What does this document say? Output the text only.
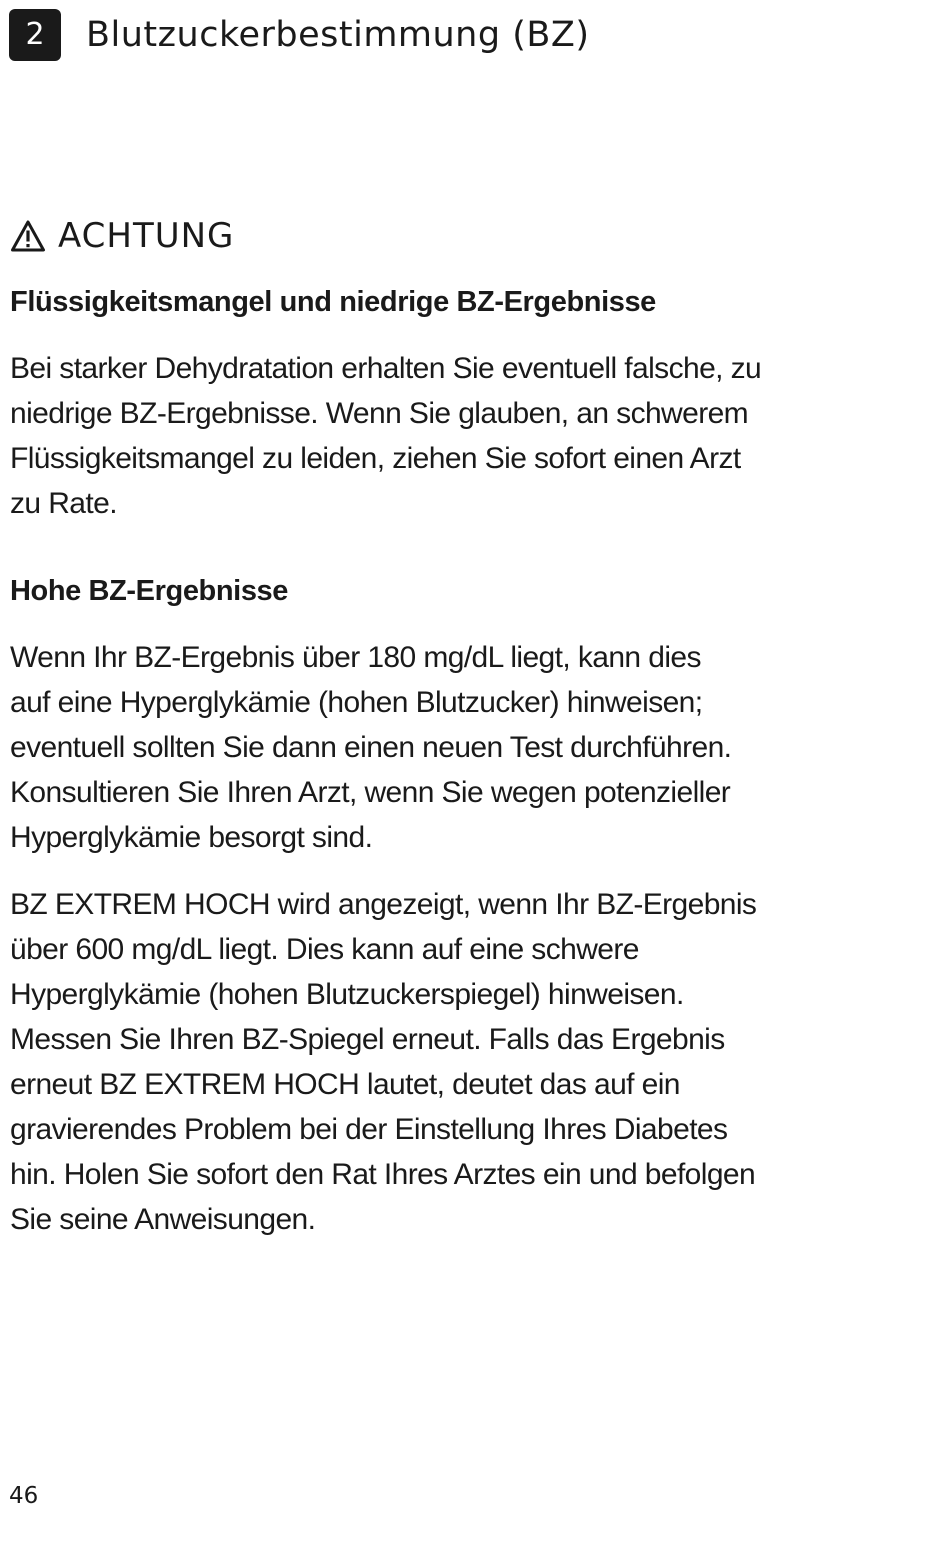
2	Blutzuckerbestimmung (BZ)
ACHTUNG
Flüssigkeitsmangel und niedrige BZ-Ergebnisse

Bei starker Dehydratation erhalten Sie eventuell falsche, zu
niedrige BZ-Ergebnisse. Wenn Sie glauben, an schwerem
Flüssigkeitsmangel zu leiden, ziehen Sie sofort einen Arzt
zu Rate.

Hohe BZ-Ergebnisse

Wenn Ihr BZ-Ergebnis über 180 mg/dL liegt, kann dies
auf eine Hyperglykämie (hohen Blutzucker) hinweisen;
eventuell sollten Sie dann einen neuen Test durchführen.
Konsultieren Sie Ihren Arzt, wenn Sie wegen potenzieller
Hyperglykämie besorgt sind.

BZ EXTREM HOCH wird angezeigt, wenn Ihr BZ-Ergebnis
über 600 mg/dL liegt. Dies kann auf eine schwere
Hyperglykämie (hohen Blutzuckerspiegel) hinweisen.
Messen Sie Ihren BZ-Spiegel erneut. Falls das Ergebnis
erneut BZ EXTREM HOCH lautet, deutet das auf ein
gravierendes Problem bei der Einstellung Ihres Diabetes
hin. Holen Sie sofort den Rat Ihres Arztes ein und befolgen
Sie seine Anweisungen.

46
